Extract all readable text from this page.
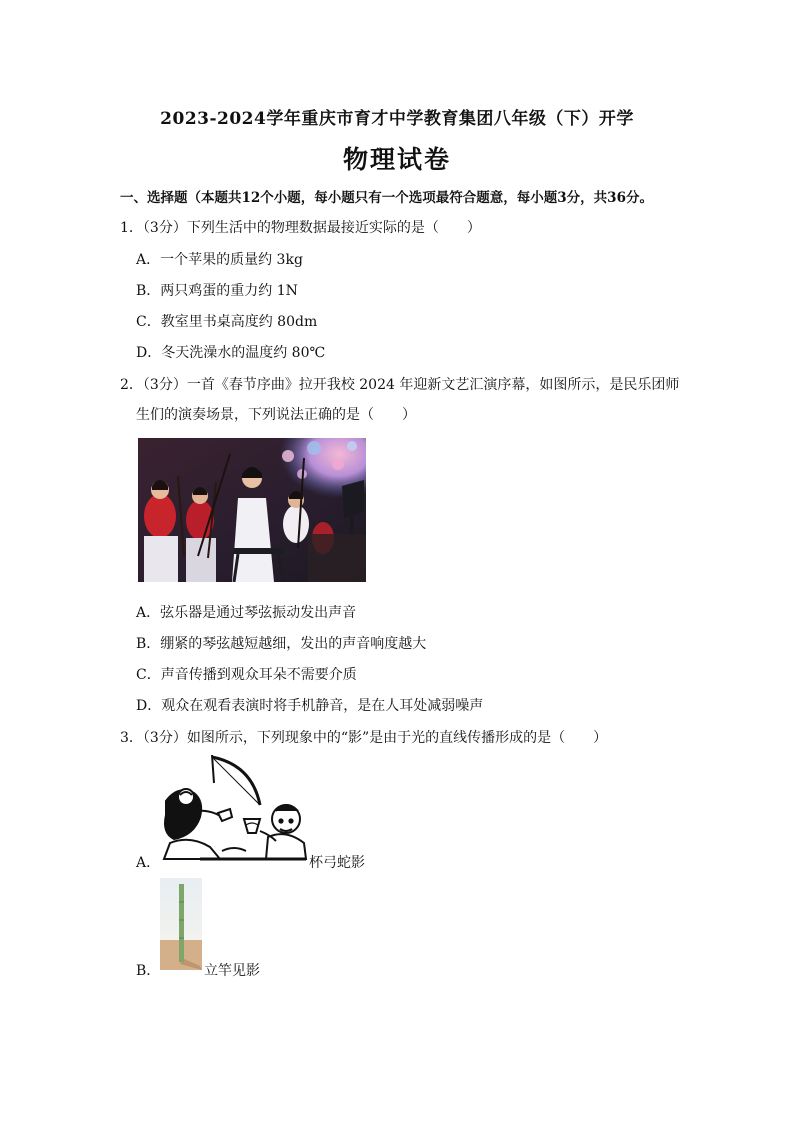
2023-2024学年重庆市育才中学教育集团八年级（下）开学
物理试卷
一、选择题（本题共12个小题，每小题只有一个选项最符合题意，每小题3分，共36分。
1．（3分）下列生活中的物理数据最接近实际的是（　　）
A．一个苹果的质量约 3kg
B．两只鸡蛋的重力约 1N
C．教室里书桌高度约 80dm
D．冬天洗澡水的温度约 80℃
2．（3分）一首《春节序曲》拉开我校 2024 年迎新文艺汇演序幕，如图所示，是民乐团师
生们的演奏场景，下列说法正确的是（　　）
A．弦乐器是通过琴弦振动发出声音
B．绷紧的琴弦越短越细，发出的声音响度越大
C．声音传播到观众耳朵不需要介质
D．观众在观看表演时将手机静音，是在人耳处减弱噪声
3．（3分）如图所示，下列现象中的“影”是由于光的直线传播形成的是（　　）
A．	杯弓蛇影
B．	立竿见影
